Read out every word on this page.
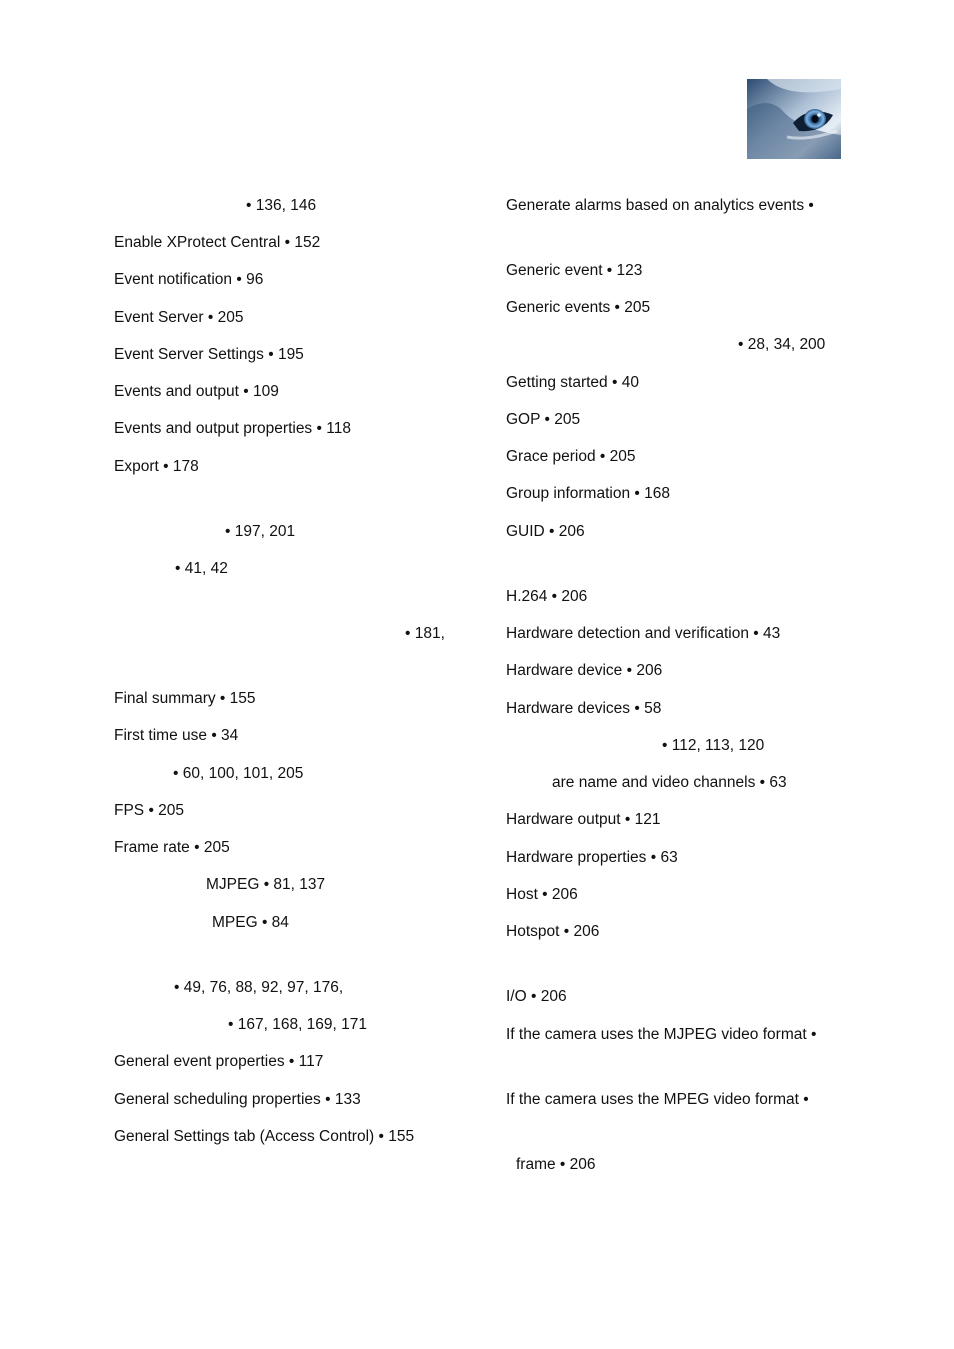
• 136, 146

Enable XProtect Central • 152

Event notification • 96

Event Server • 205

Event Server Settings • 195

Events and output • 109

Events and output properties • 118

Export • 178

• 197, 201

• 41, 42

• 181,

Final summary • 155

First time use • 34

• 60, 100, 101, 205

FPS • 205

Frame rate • 205

MJPEG • 81, 137

MPEG • 84

• 49, 76, 88, 92, 97, 176,

• 167, 168, 169, 171

General event properties • 117

General scheduling properties • 133

General Settings tab (Access Control) • 155

Generate alarms based on analytics events •

Generic event • 123

Generic events • 205

• 28, 34, 200

Getting started • 40

GOP • 205

Grace period • 205

Group information • 168

GUID • 206

H.264 • 206

Hardware detection and verification • 43

Hardware device • 206

Hardware devices • 58

• 112, 113, 120

are name and video channels • 63

Hardware output • 121

Hardware properties • 63

Host • 206

Hotspot • 206

I/O • 206

If the camera uses the MJPEG video format •

If the camera uses the MPEG video format •

frame • 206
